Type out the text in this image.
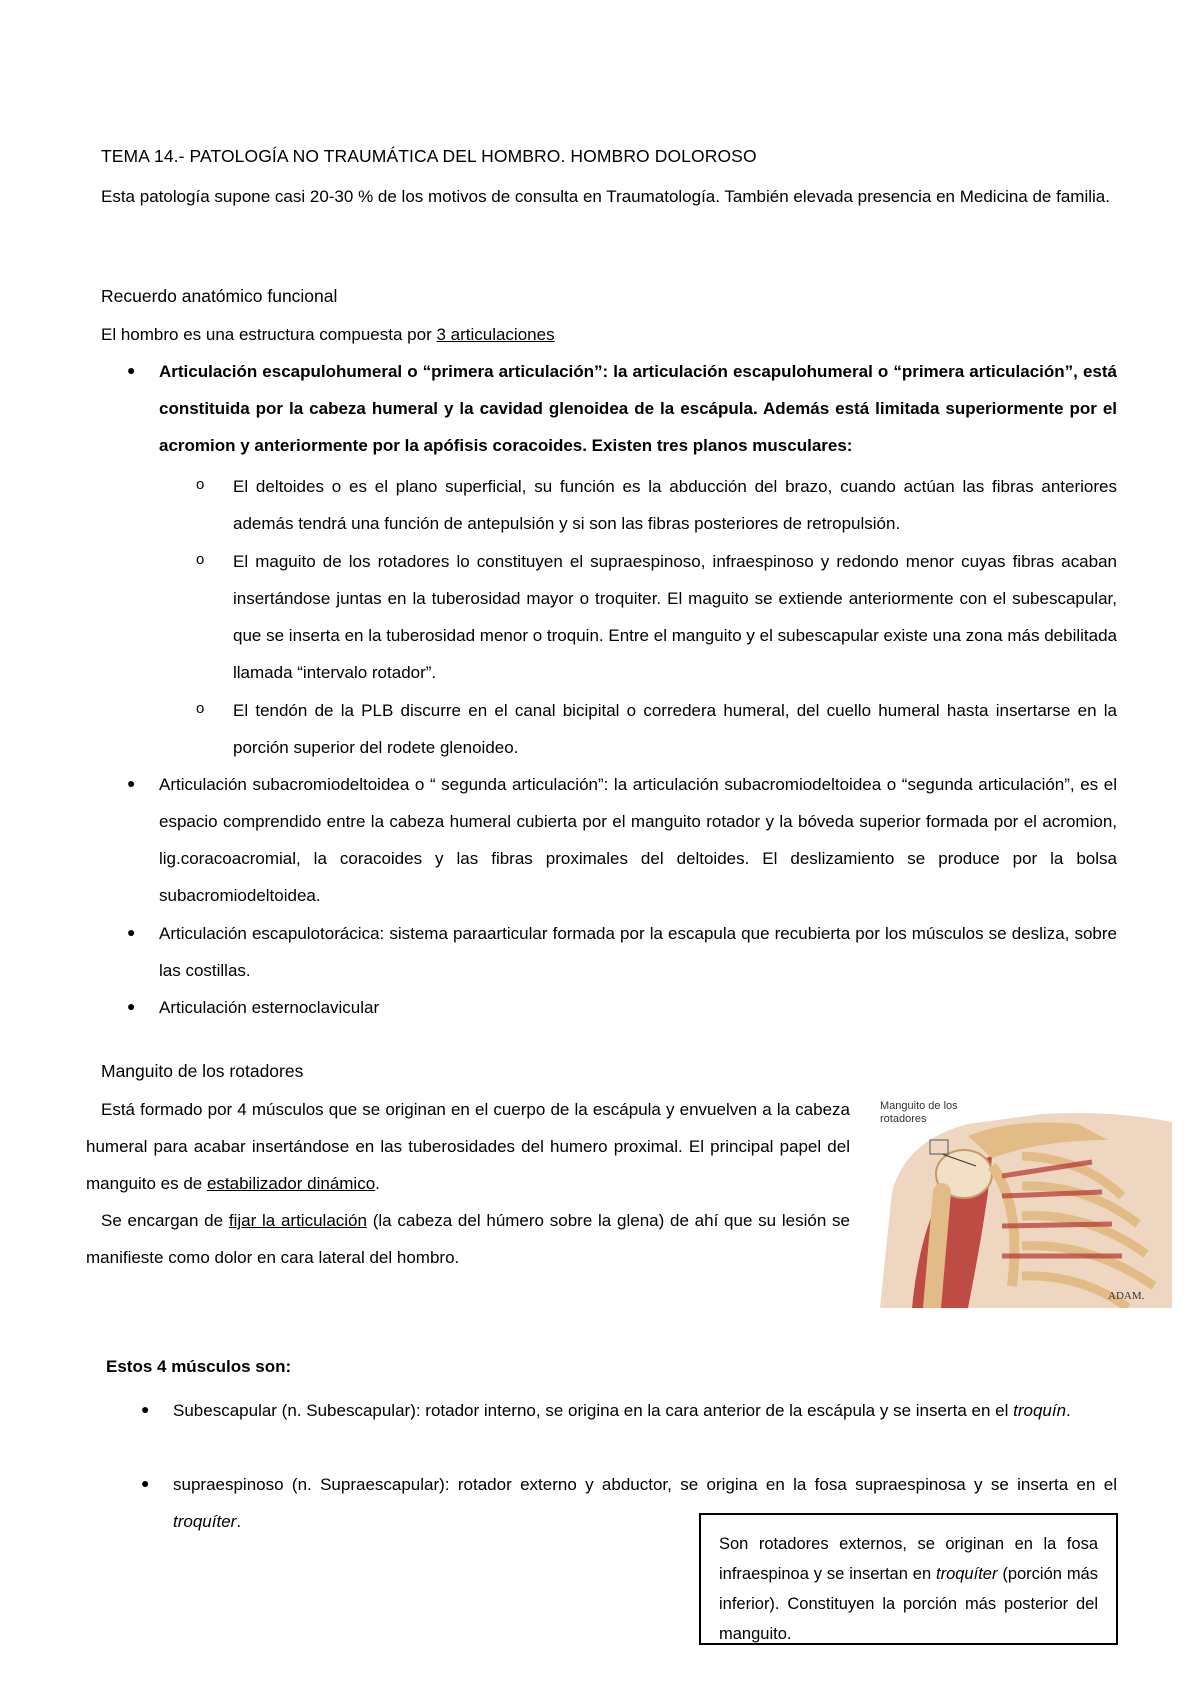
TEMA 14.- PATOLOGÍA NO TRAUMÁTICA DEL HOMBRO. HOMBRO DOLOROSO
Esta patología supone casi 20-30 % de los motivos de consulta en Traumatología. También elevada presencia en Medicina de familia.
Recuerdo anatómico funcional
El hombro es una estructura compuesta por 3 articulaciones
● Articulación escapulohumeral o “primera articulación”: la articulación escapulohumeral o “primera articulación”, está constituida por la cabeza humeral y la cavidad glenoidea de la escápula. Además está limitada superiormente por el acromion y anteriormente por la apófisis coracoides. Existen tres planos musculares:
o El deltoides o es el plano superficial, su función es la abducción del brazo, cuando actúan las fibras anteriores además tendrá una función de antepulsión y si son las fibras posteriores de retropulsión.
o El maguito de los rotadores lo constituyen el supraespinoso, infraespinoso y redondo menor cuyas fibras acaban insertándose juntas en la tuberosidad mayor o troquiter. El maguito se extiende anteriormente con el subescapular, que se inserta en la tuberosidad menor o troquin. Entre el manguito y el subescapular existe una zona más debilitada llamada “intervalo rotador”.
o El tendón de la PLB discurre en el canal bicipital o corredera humeral, del cuello humeral hasta insertarse en la porción superior del rodete glenoideo.
● Articulación subacromiodeltoidea o “ segunda articulación”: la articulación subacromiodeltoidea o “segunda articulación”, es el espacio comprendido entre la cabeza humeral cubierta por el manguito rotador y la bóveda superior formada por el acromion, lig.coracoacromial, la coracoides y las fibras proximales del deltoides. El deslizamiento se produce por la bolsa subacromiodeltoidea.
● Articulación escapulotorácica: sistema paraarticular formada por la escapula que recubierta por los músculos se desliza, sobre las costillas.
● Articulación esternoclavicular
Manguito de los rotadores
Está formado por 4 músculos que se originan en el cuerpo de la escápula y envuelven a la cabeza humeral para acabar insertándose en las tuberosidades del humero proximal. El principal papel del manguito es de estabilizador dinámico.
Se encargan de fijar la articulación (la cabeza del húmero sobre la glena) de ahí que su lesión se manifieste como dolor en cara lateral del hombro.
Manguito de los rotadores
ADAM.
Estos 4 músculos son:
● Subescapular (n. Subescapular): rotador interno, se origina en la cara anterior de la escápula y se inserta en el troquín.
● supraespinoso (n. Supraescapular): rotador externo y abductor, se origina en la fosa supraespinosa y se inserta en el troquíter.
Son rotadores externos, se originan en la fosa infraespinoa y se insertan en troquíter (porción más inferior). Constituyen la porción más posterior del manguito.
